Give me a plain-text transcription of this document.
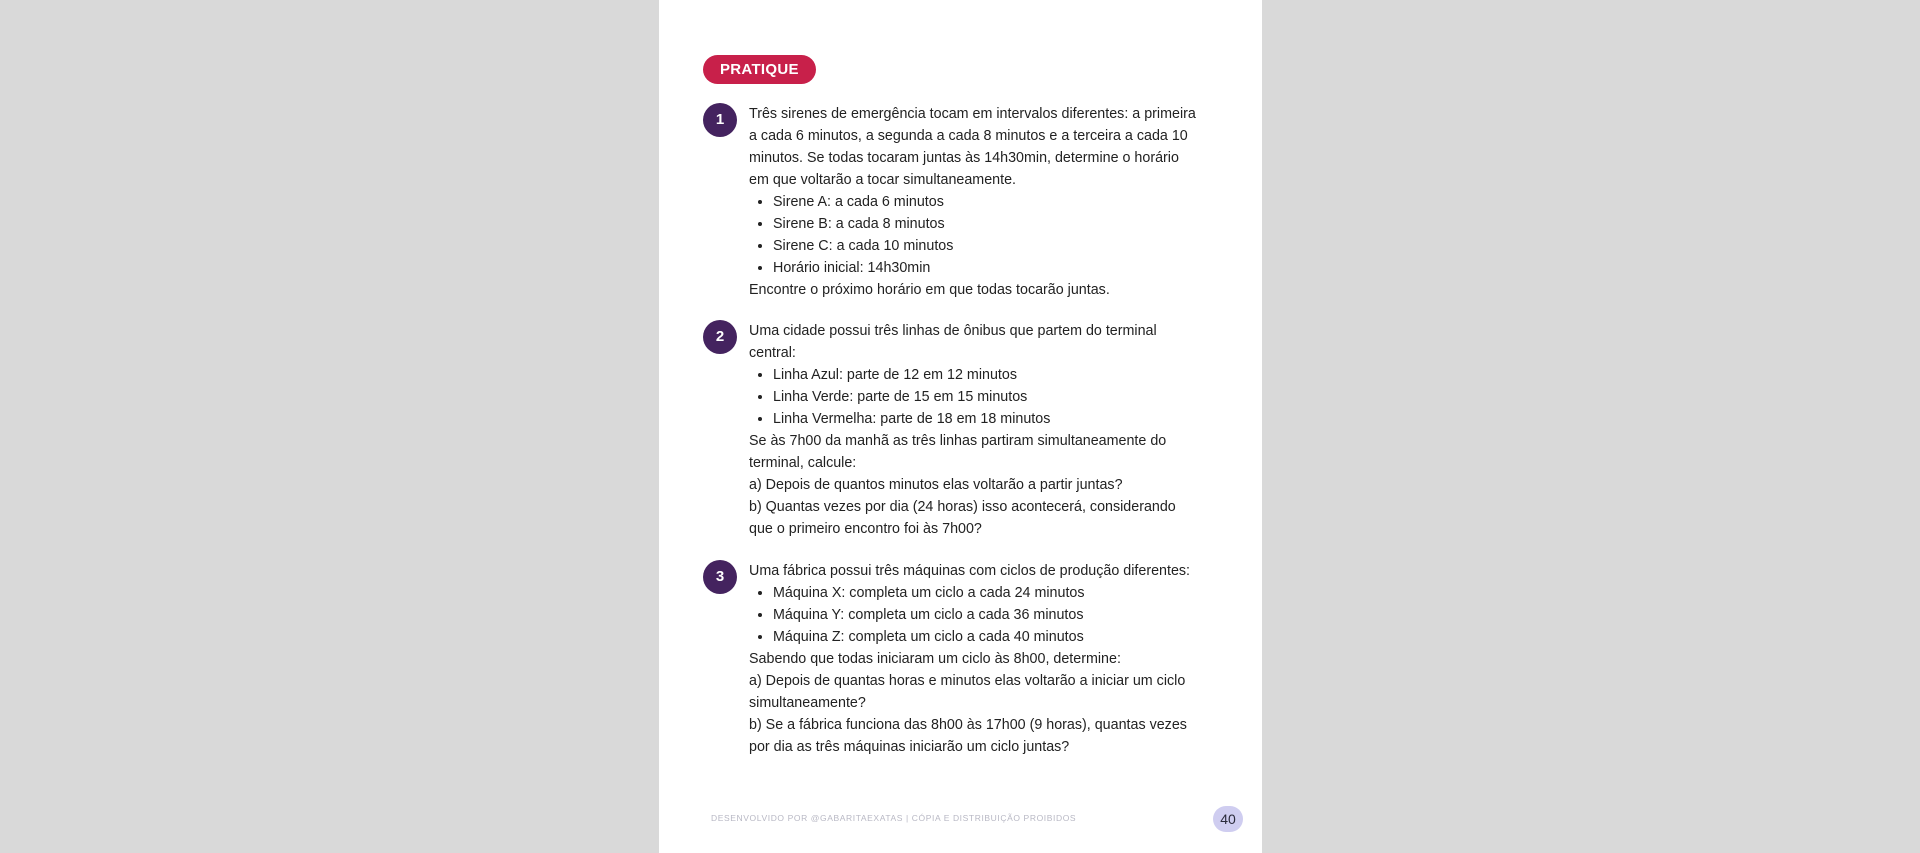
PRATIQUE
1	Três sirenes de emergência tocam em intervalos diferentes: a primeira a cada 6 minutos, a segunda a cada 8 minutos e a terceira a cada 10 minutos. Se todas tocaram juntas às 14h30min, determine o horário em que voltarão a tocar simultaneamente.

• Sirene A: a cada 6 minutos
• Sirene B: a cada 8 minutos
• Sirene C: a cada 10 minutos
• Horário inicial: 14h30min

Encontre o próximo horário em que todas tocarão juntas.

2	Uma cidade possui três linhas de ônibus que partem do terminal central:

• Linha Azul: parte de 12 em 12 minutos
• Linha Verde: parte de 15 em 15 minutos
• Linha Vermelha: parte de 18 em 18 minutos

Se às 7h00 da manhã as três linhas partiram simultaneamente do terminal, calcule:

a) Depois de quantos minutos elas voltarão a partir juntas?

b) Quantas vezes por dia (24 horas) isso acontecerá, considerando que o primeiro encontro foi às 7h00?

3	Uma fábrica possui três máquinas com ciclos de produção diferentes:

• Máquina X: completa um ciclo a cada 24 minutos
• Máquina Y: completa um ciclo a cada 36 minutos
• Máquina Z: completa um ciclo a cada 40 minutos

Sabendo que todas iniciaram um ciclo às 8h00, determine:

a) Depois de quantas horas e minutos elas voltarão a iniciar um ciclo simultaneamente?

b) Se a fábrica funciona das 8h00 às 17h00 (9 horas), quantas vezes por dia as três máquinas iniciarão um ciclo juntas?

DESENVOLVIDO POR @GABARITAEXATAS | CÓPIA E DISTRIBUIÇÃO PROIBIDOS	40
